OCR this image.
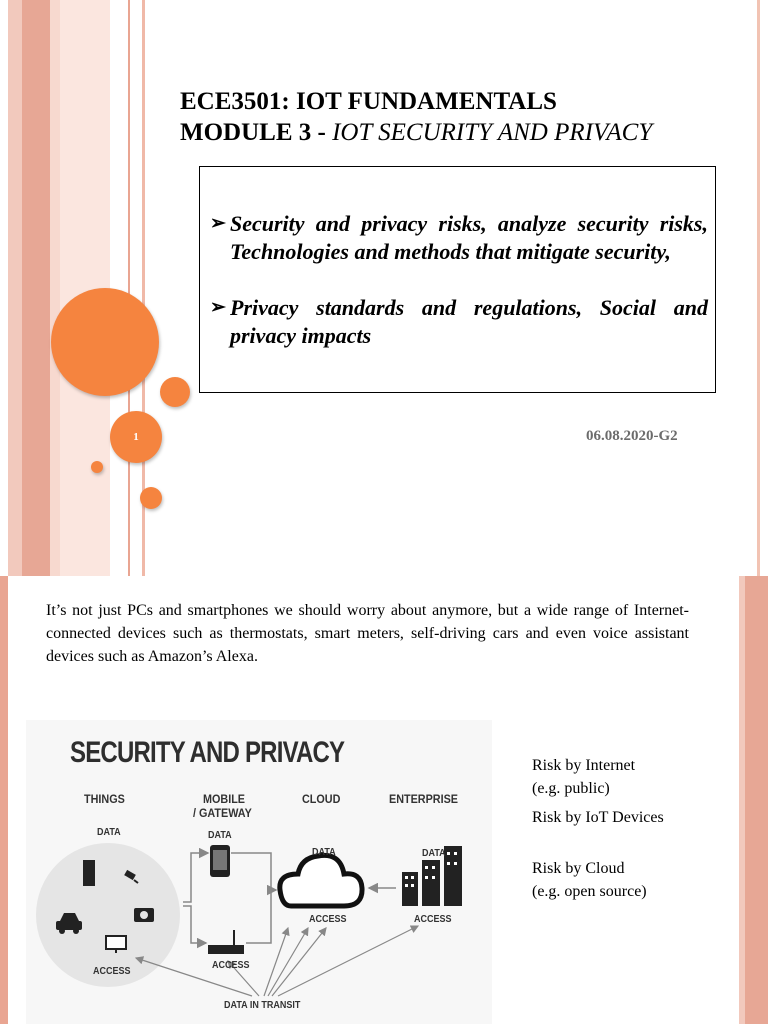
1
ECE3501: IOT FUNDAMENTALS
MODULE 3 - IOT SECURITY AND PRIVACY
➢ Security and privacy risks, analyze security risks, Technologies and methods that mitigate security,
➢ Privacy standards and regulations, Social and privacy impacts
06.08.2020-G2
It’s not just PCs and smartphones we should worry about anymore, but a wide range of Internet-connected devices such as thermostats, smart meters, self-driving cars and even voice assistant devices such as Amazon’s Alexa.
SECURITY AND PRIVACY
THINGS	MOBILE
/ GATEWAY
CLOUD	ENTERPRISE
DATA	DATA
DATA	DATA
ACCESS
ACCESS
ACCESS	ACCESS
DATA IN TRANSIT
Risk by Internet
(e.g. public)
Risk by IoT Devices
Risk by Cloud
(e.g. open source)
